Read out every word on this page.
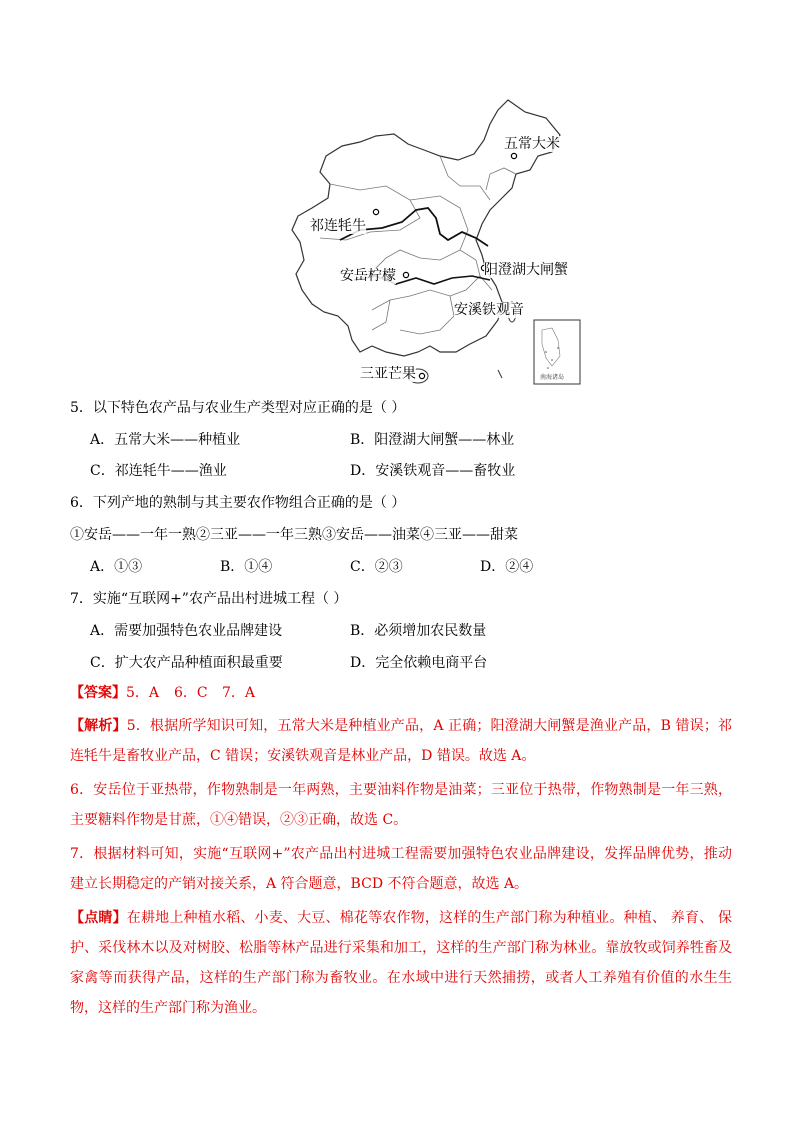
五常大米
祁连牦牛
安岳柠檬	阳澄湖大闸蟹
安溪铁观音
三亚芒果	南海诸岛
5．以下特色农产品与农业生产类型对应正确的是（ ）
A．五常大米——种植业	B．阳澄湖大闸蟹——林业
C．祁连牦牛——渔业	D．安溪铁观音——畜牧业
6．下列产地的熟制与其主要农作物组合正确的是（ ）
①安岳——一年一熟②三亚——一年三熟③安岳——油菜④三亚——甜菜
A．①③	B．①④	C．②③	D．②④
7．实施“互联网+”农产品出村进城工程（ ）
A．需要加强特色农业品牌建设	B．必须增加农民数量
C．扩大农产品种植面积最重要	D．完全依赖电商平台
【答案】5．A 6．C 7．A
【解析】5．根据所学知识可知，五常大米是种植业产品，A 正确；阳澄湖大闸蟹是渔业产品，B 错误；祁连牦牛是畜牧业产品，C 错误；安溪铁观音是林业产品，D 错误。故选 A。
6．安岳位于亚热带，作物熟制是一年两熟，主要油料作物是油菜；三亚位于热带，作物熟制是一年三熟，主要糖料作物是甘蔗，①④错误，②③正确，故选 C。
7．根据材料可知，实施“互联网+”农产品出村进城工程需要加强特色农业品牌建设，发挥品牌优势，推动建立长期稳定的产销对接关系，A 符合题意，BCD 不符合题意，故选 A。
【点睛】在耕地上种植水稻、小麦、大豆、棉花等农作物，这样的生产部门称为种植业。种植、 养育、 保护、采伐林木以及对树胶、松脂等林产品进行采集和加工，这样的生产部门称为林业。靠放牧或饲养牲畜及家禽等而获得产品，这样的生产部门称为畜牧业。在水域中进行天然捕捞，或者人工养殖有价值的水生生物，这样的生产部门称为渔业。
